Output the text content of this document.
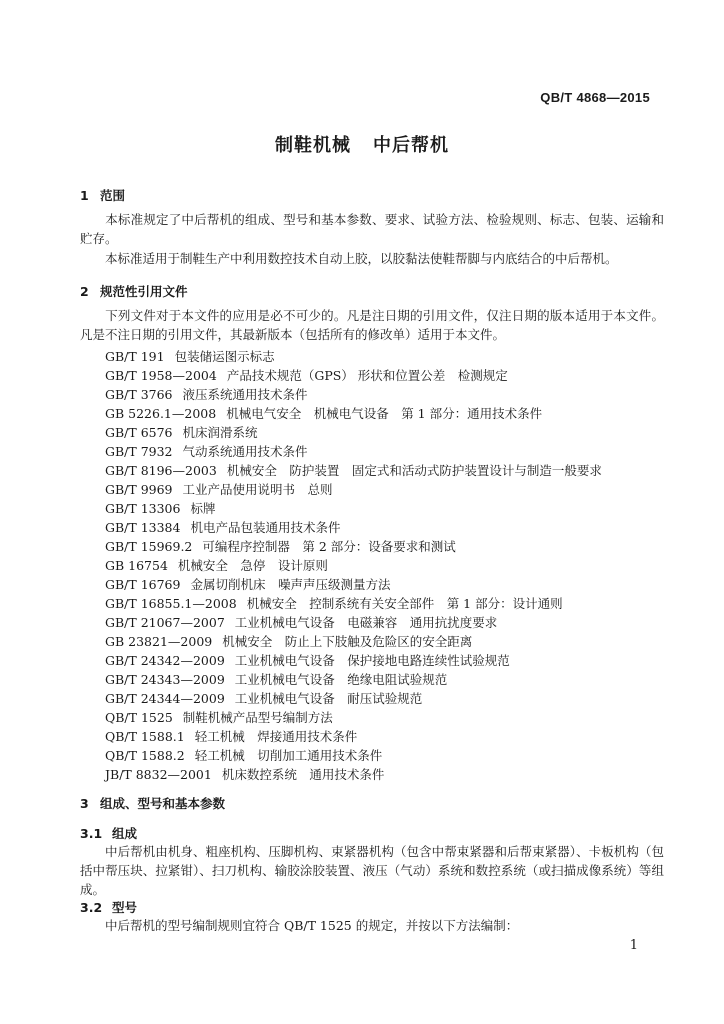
QB/T 4868—2015
制鞋机械 中后帮机
1 范围
本标准规定了中后帮机的组成、型号和基本参数、要求、试验方法、检验规则、标志、包装、运输和贮存。
本标准适用于制鞋生产中利用数控技术自动上胶，以胶黏法使鞋帮脚与内底结合的中后帮机。
2 规范性引用文件
下列文件对于本文件的应用是必不可少的。凡是注日期的引用文件，仅注日期的版本适用于本文件。凡是不注日期的引用文件，其最新版本（包括所有的修改单）适用于本文件。
GB/T 191 包装储运图示标志
GB/T 1958—2004 产品技术规范（GPS） 形状和位置公差　检测规定
GB/T 3766 液压系统通用技术条件
GB 5226.1—2008 机械电气安全　机械电气设备　第 1 部分：通用技术条件
GB/T 6576 机床润滑系统
GB/T 7932 气动系统通用技术条件
GB/T 8196—2003 机械安全　防护装置　固定式和活动式防护装置设计与制造一般要求
GB/T 9969 工业产品使用说明书　总则
GB/T 13306 标牌
GB/T 13384 机电产品包装通用技术条件
GB/T 15969.2 可编程序控制器　第 2 部分：设备要求和测试
GB 16754 机械安全　急停　设计原则
GB/T 16769 金属切削机床　噪声声压级测量方法
GB/T 16855.1—2008 机械安全　控制系统有关安全部件　第 1 部分：设计通则
GB/T 21067—2007 工业机械电气设备　电磁兼容　通用抗扰度要求
GB 23821—2009 机械安全　防止上下肢触及危险区的安全距离
GB/T 24342—2009 工业机械电气设备　保护接地电路连续性试验规范
GB/T 24343—2009 工业机械电气设备　绝缘电阻试验规范
GB/T 24344—2009 工业机械电气设备　耐压试验规范
QB/T 1525 制鞋机械产品型号编制方法
QB/T 1588.1 轻工机械　焊接通用技术条件
QB/T 1588.2 轻工机械　切削加工通用技术条件
JB/T 8832—2001 机床数控系统　通用技术条件
3 组成、型号和基本参数
3.1 组成
中后帮机由机身、粗座机构、压脚机构、束紧器机构（包含中帮束紧器和后帮束紧器）、卡板机构（包括中帮压块、拉紧钳）、扫刀机构、输胶涂胶装置、液压（气动）系统和数控系统（或扫描成像系统）等组成。
3.2 型号
中后帮机的型号编制规则宜符合 QB/T 1525 的规定，并按以下方法编制：
1
